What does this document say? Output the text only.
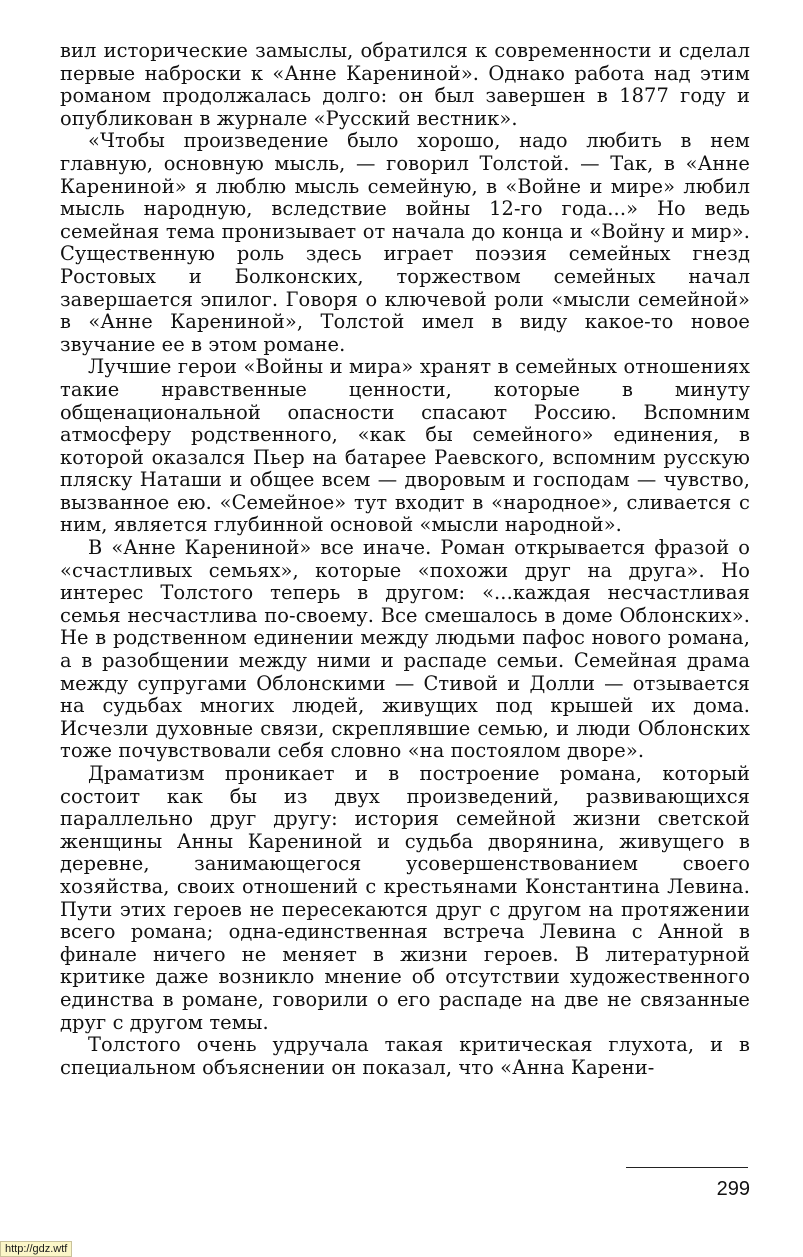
вил исторические замыслы, обратился к современности и сделал первые наброски к «Анне Карениной». Однако работа над этим романом продолжалась долго: он был завершен в 1877 году и опубликован в журнале «Русский вестник».

«Чтобы произведение было хорошо, надо любить в нем главную, основную мысль, — говорил Толстой. — Так, в «Анне Карениной» я люблю мысль семейную, в «Войне и мире» любил мысль народную, вследствие войны 12-го года...» Но ведь семейная тема пронизывает от начала до конца и «Войну и мир». Существенную роль здесь играет поэзия семейных гнезд Ростовых и Болконских, торжеством семейных начал завершается эпилог. Говоря о ключевой роли «мысли семейной» в «Анне Карениной», Толстой имел в виду какое-то новое звучание ее в этом романе.

Лучшие герои «Войны и мира» хранят в семейных отношениях такие нравственные ценности, которые в минуту общенациональной опасности спасают Россию. Вспомним атмосферу родственного, «как бы семейного» единения, в которой оказался Пьер на батарее Раевского, вспомним русскую пляску Наташи и общее всем — дворовым и господам — чувство, вызванное ею. «Семейное» тут входит в «народное», сливается с ним, является глубинной основой «мысли народной».

В «Анне Карениной» все иначе. Роман открывается фразой о «счастливых семьях», которые «похожи друг на друга». Но интерес Толстого теперь в другом: «...каждая несчастливая семья несчастлива по-своему. Все смешалось в доме Облонских». Не в родственном единении между людьми пафос нового романа, а в разобщении между ними и распаде семьи. Семейная драма между супругами Облонскими — Стивой и Долли — отзывается на судьбах многих людей, живущих под крышей их дома. Исчезли духовные связи, скреплявшие семью, и люди Облонских тоже почувствовали себя словно «на постоялом дворе».

Драматизм проникает и в построение романа, который состоит как бы из двух произведений, развивающихся параллельно друг другу: история семейной жизни светской женщины Анны Карениной и судьба дворянина, живущего в деревне, занимающегося усовершенствованием своего хозяйства, своих отношений с крестьянами Константина Левина. Пути этих героев не пересекаются друг с другом на протяжении всего романа; одна-единственная встреча Левина с Анной в финале ничего не меняет в жизни героев. В литературной критике даже возникло мнение об отсутствии художественного единства в романе, говорили о его распаде на две не связанные друг с другом темы.

Толстого очень удручала такая критическая глухота, и в специальном объяснении он показал, что «Анна Карени-

299
http://gdz.wtf
